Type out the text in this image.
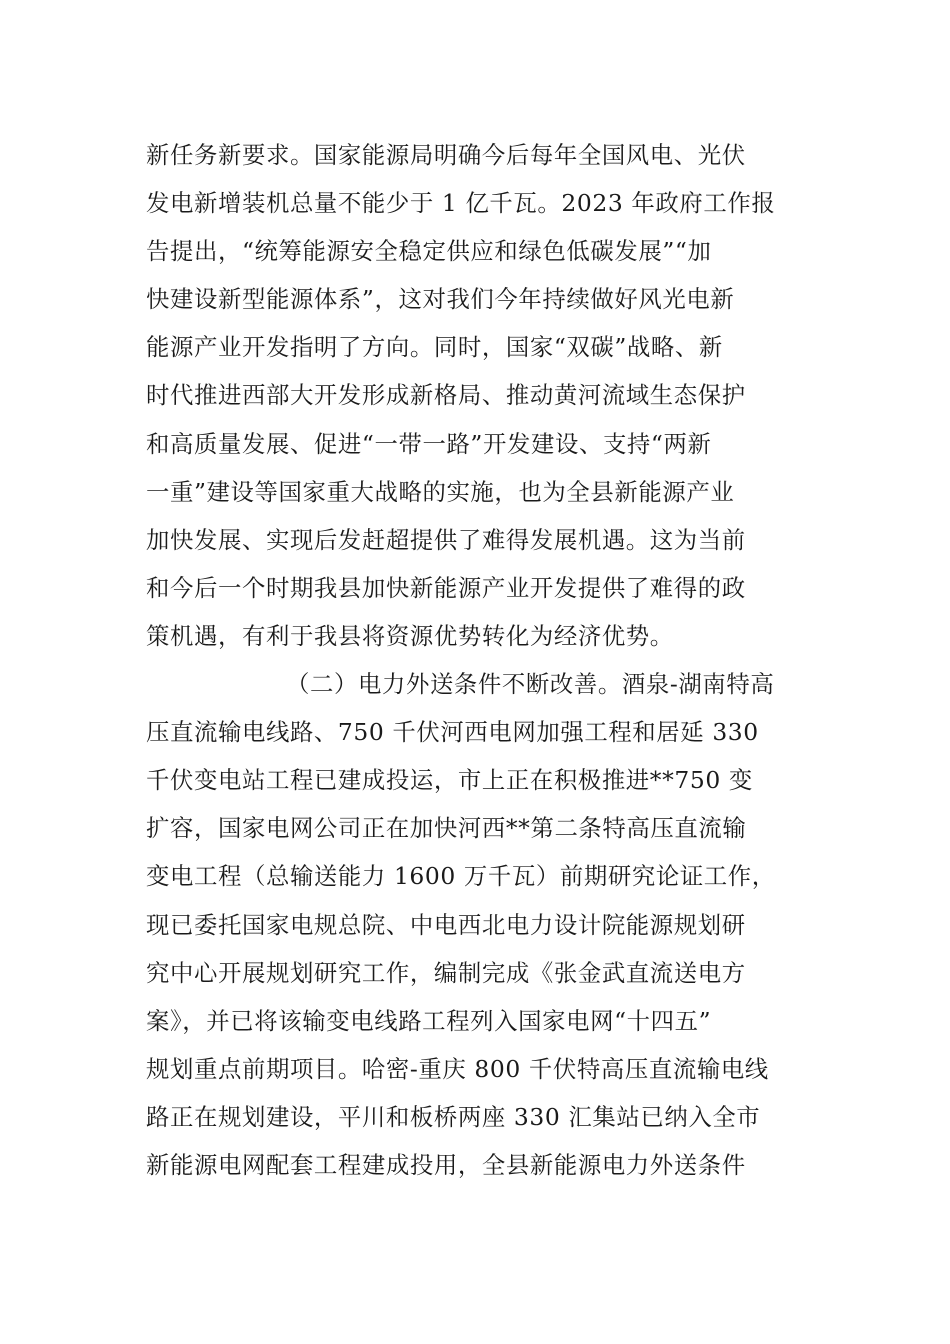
新任务新要求。国家能源局明确今后每年全国风电、光伏
发电新增装机总量不能少于 1 亿千瓦。2023 年政府工作报
告提出，“统筹能源安全稳定供应和绿色低碳发展”“加
快建设新型能源体系”，这对我们今年持续做好风光电新
能源产业开发指明了方向。同时，国家“双碳”战略、新
时代推进西部大开发形成新格局、推动黄河流域生态保护
和高质量发展、促进“一带一路”开发建设、支持“两新
一重”建设等国家重大战略的实施，也为全县新能源产业
加快发展、实现后发赶超提供了难得发展机遇。这为当前
和今后一个时期我县加快新能源产业开发提供了难得的政
策机遇，有利于我县将资源优势转化为经济优势。
（二）电力外送条件不断改善。酒泉-湖南特高
压直流输电线路、750 千伏河西电网加强工程和居延 330
千伏变电站工程已建成投运，市上正在积极推进**750 变
扩容，国家电网公司正在加快河西**第二条特高压直流输
变电工程（总输送能力 1600 万千瓦）前期研究论证工作，
现已委托国家电规总院、中电西北电力设计院能源规划研
究中心开展规划研究工作，编制完成《张金武直流送电方
案》，并已将该输变电线路工程列入国家电网“十四五”
规划重点前期项目。哈密-重庆 800 千伏特高压直流输电线
路正在规划建设，平川和板桥两座 330 汇集站已纳入全市
新能源电网配套工程建成投用，全县新能源电力外送条件
